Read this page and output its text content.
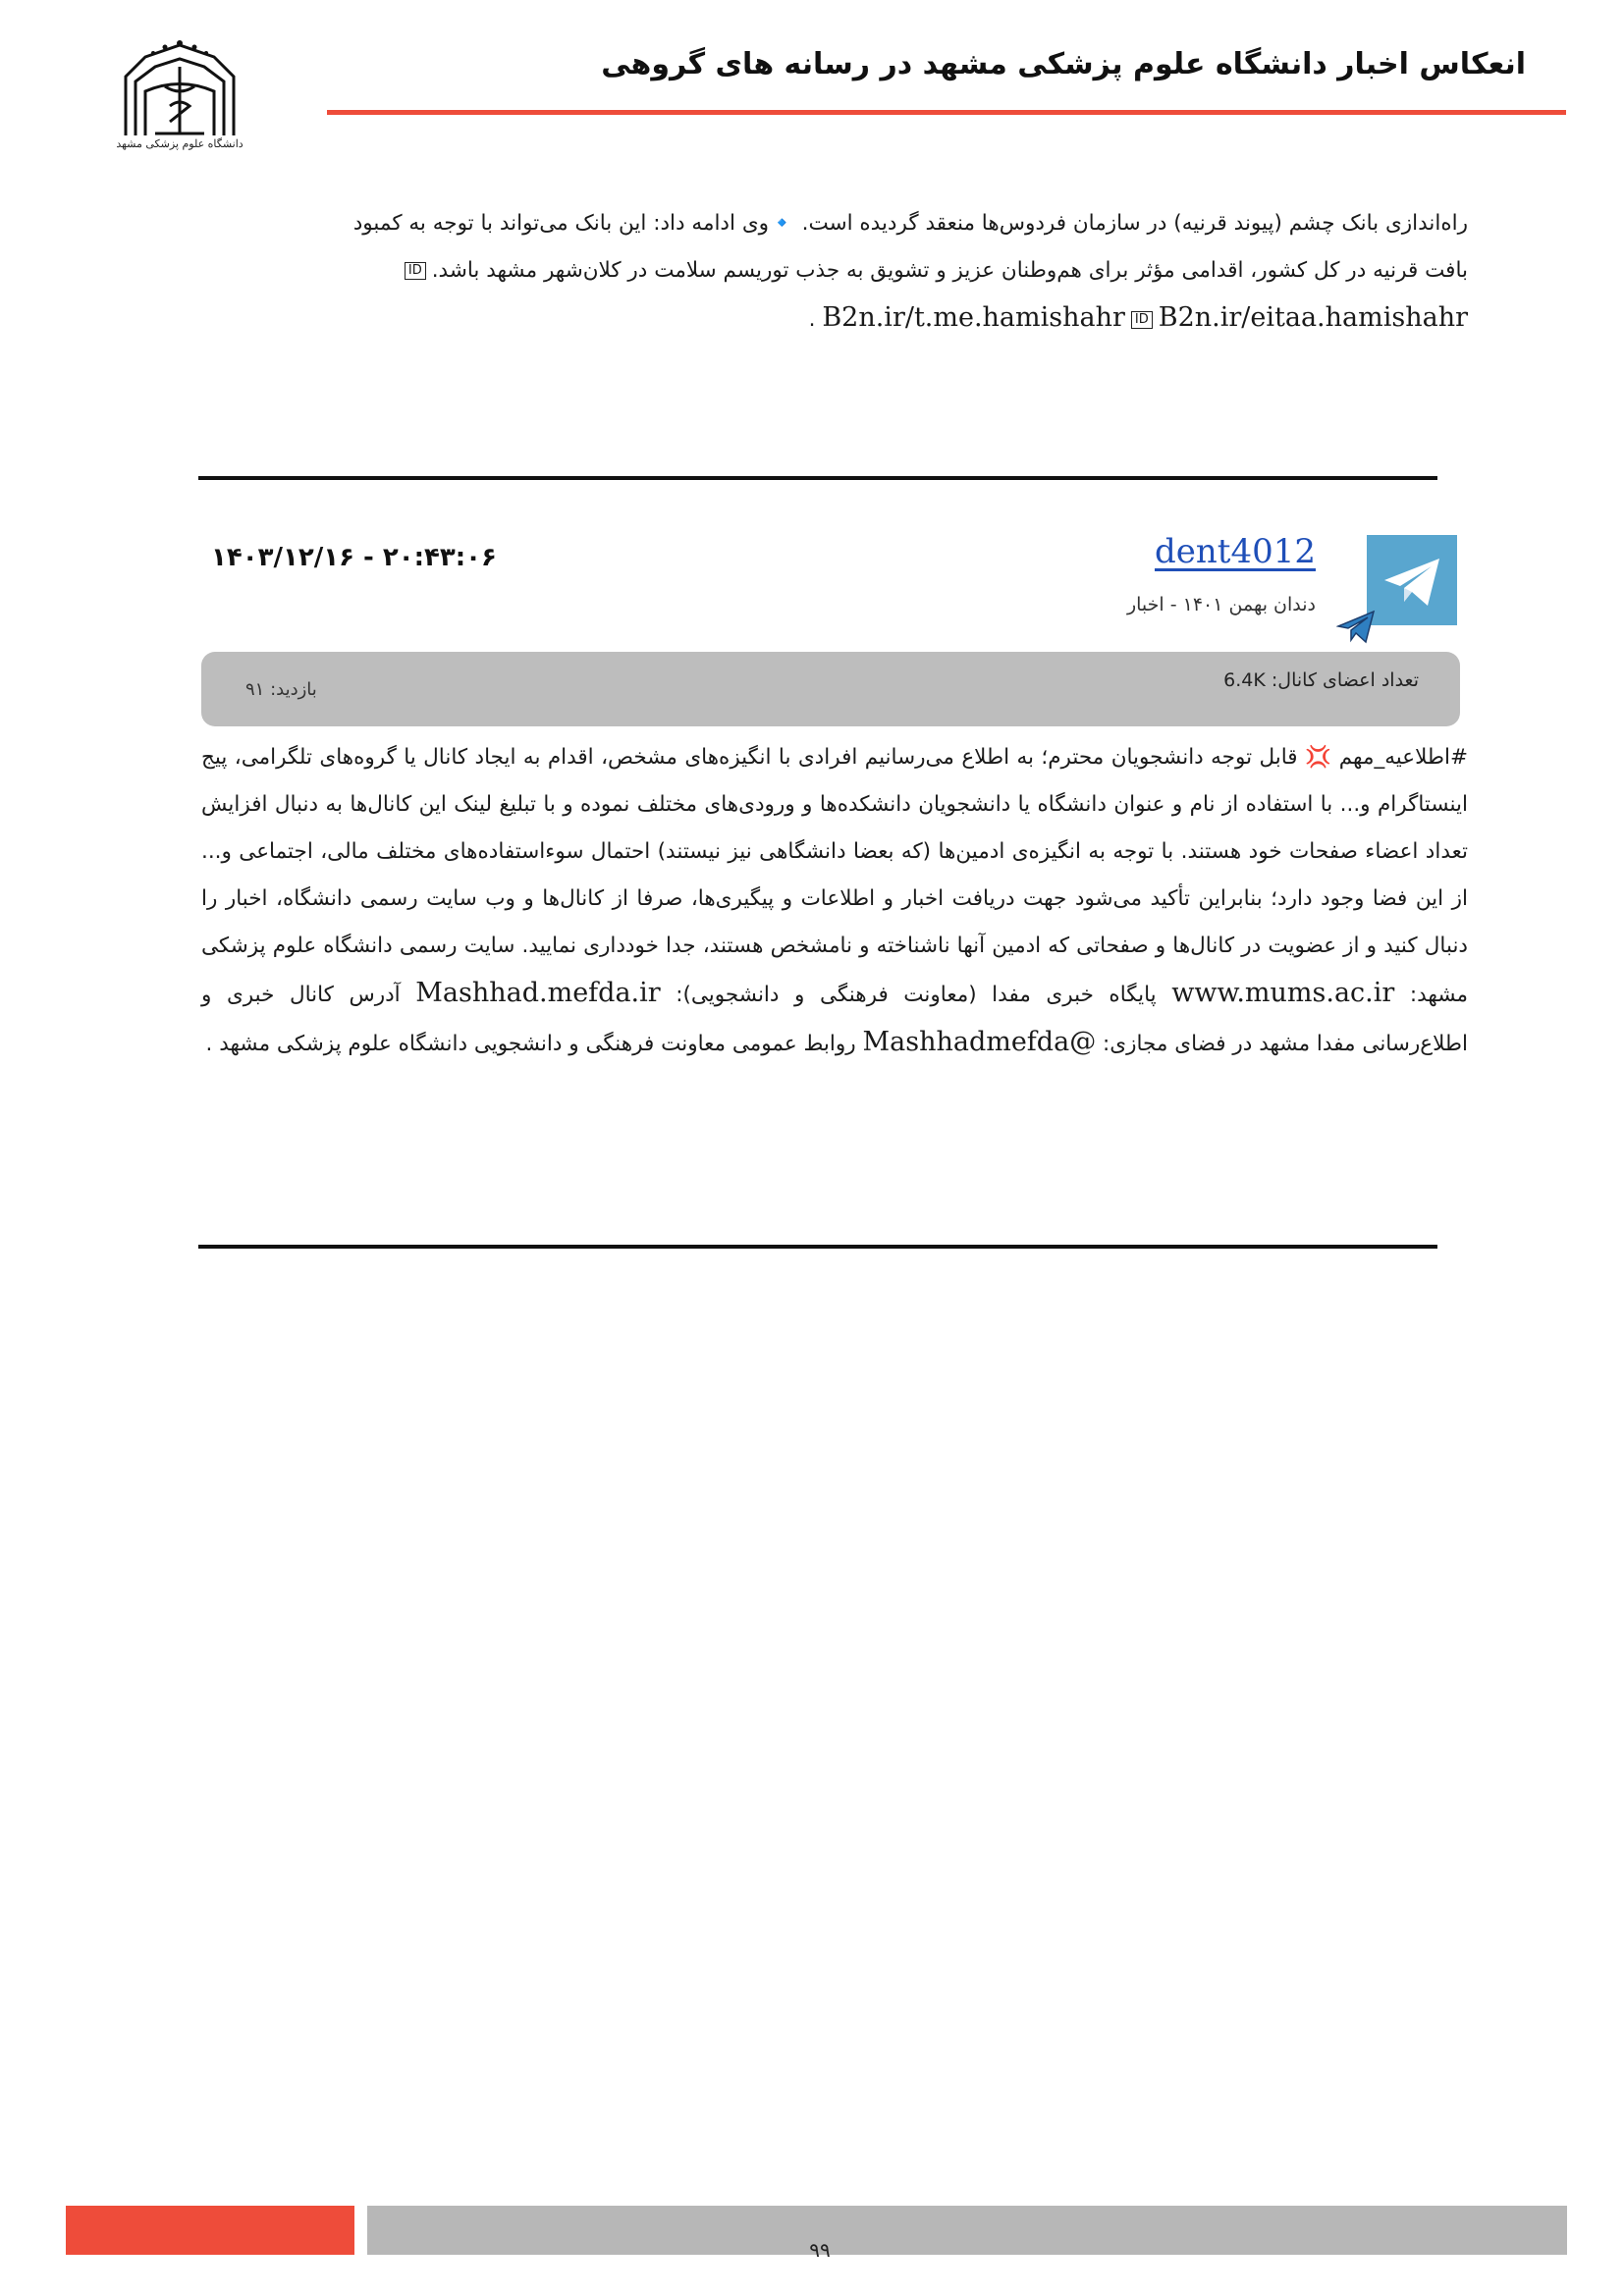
انعکاس اخبار دانشگاه علوم پزشکی مشهد در رسانه های گروهی
دانشگاه علوم پزشکی مشهد

راه‌اندازی بانک چشم (پیوند قرنیه) در سازمان فردوس‌ها منعقد گردیده است. 🔹وی ادامه داد: این بانک می‌تواند با توجه به کمبود

بافت قرنیه در کل کشور، اقدامی مؤثر برای هم‌وطنان عزیز و تشویق به جذب توریسم سلامت در کلان‌شهر مشهد باشد.ID

B2n.ir/t.me.hamishahr ID B2n.ir/eitaa.hamishahr .

dent4012
دندان بهمن ۱۴۰۱ - اخبار
۱۴۰۳/۱۲/۱۶ - ۲۰:۴۳:۰۶
تعداد اعضای کانال: 6.4K
بازدید: ۹۱

#اطلاعیه_مهم 💢 قابل توجه دانشجویان محترم؛ به اطلاع می‌رسانیم افرادی با انگیزه‌های مشخص، اقدام به ایجاد کانال یا گروه‌های تلگرامی، پیج اینستاگرام و... با استفاده از نام و عنوان دانشگاه یا دانشجویان دانشکده‌ها و ورودی‌های مختلف نموده و با تبلیغ لینک این کانال‌ها به دنبال افزایش تعداد اعضاء صفحات خود هستند. با توجه به انگیزه‌ی ادمین‌ها (که بعضا دانشگاهی نیز نیستند) احتمال سوءاستفاده‌های مختلف مالی، اجتماعی و... از این فضا وجود دارد؛ بنابراین تأکید می‌شود جهت دریافت اخبار و اطلاعات و پیگیری‌ها، صرفا از کانال‌ها و وب سایت رسمی دانشگاه، اخبار را دنبال کنید و از عضویت در کانال‌ها و صفحاتی که ادمین آنها ناشناخته و نامشخص هستند، جدا خودداری نمایید. سایت رسمی دانشگاه علوم پزشکی مشهد: www.mums.ac.ir پایگاه خبری مفدا (معاونت فرهنگی و دانشجویی): Mashhad.mefda.ir آدرس کانال خبری و اطلاع‌رسانی مفدا مشهد در فضای مجازی: @Mashhadmefda روابط عمومی معاونت فرهنگی و دانشجویی دانشگاه علوم پزشکی مشهد .

۹۹
